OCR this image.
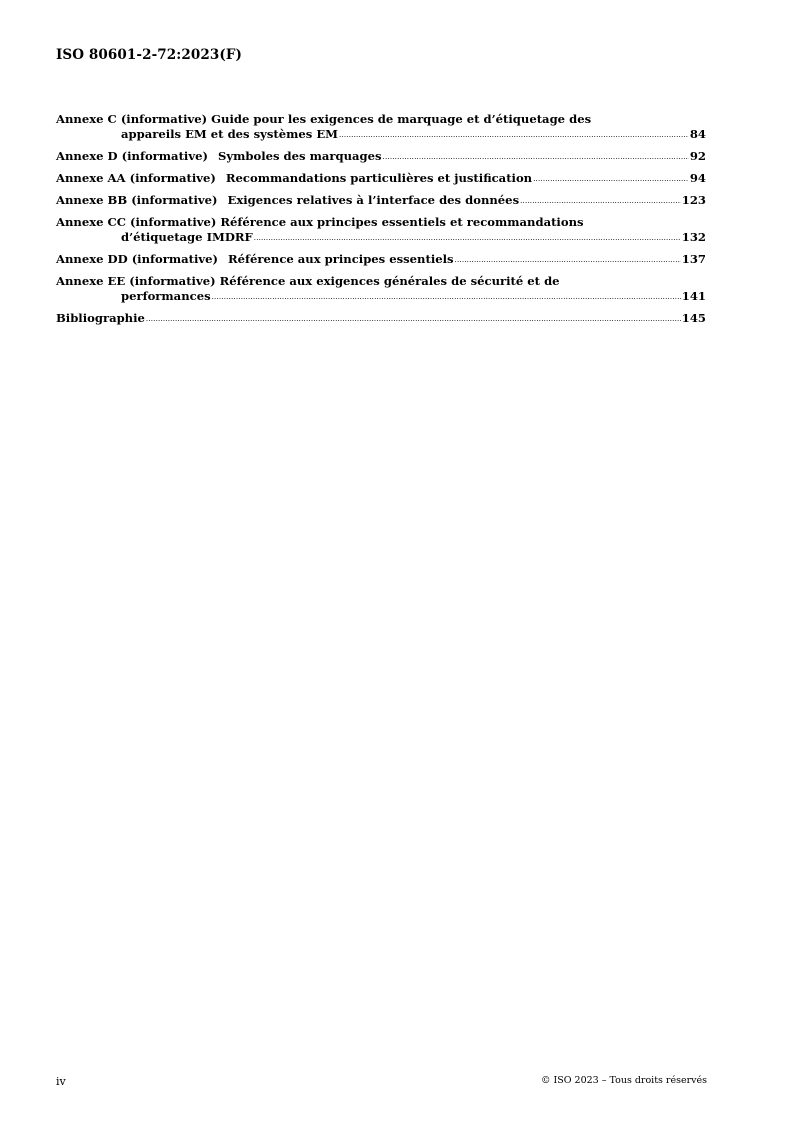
ISO 80601-2-72:2023(F)
Annexe C (informative) Guide pour les exigences de marquage et d’étiquetage des
appareils EM et des systèmes EM .....	84
Annexe D (informative) Symboles des marquages .....	92
Annexe AA (informative) Recommandations particulières et justification .....	94
Annexe BB (informative) Exigences relatives à l’interface des données .....	123
Annexe CC (informative) Référence aux principes essentiels et recommandations
d’étiquetage IMDRF .....	132
Annexe DD (informative) Référence aux principes essentiels .....	137
Annexe EE (informative) Référence aux exigences générales de sécurité et de
performances .....	141
Bibliographie .....	145
iv	© ISO 2023 – Tous droits réservés
